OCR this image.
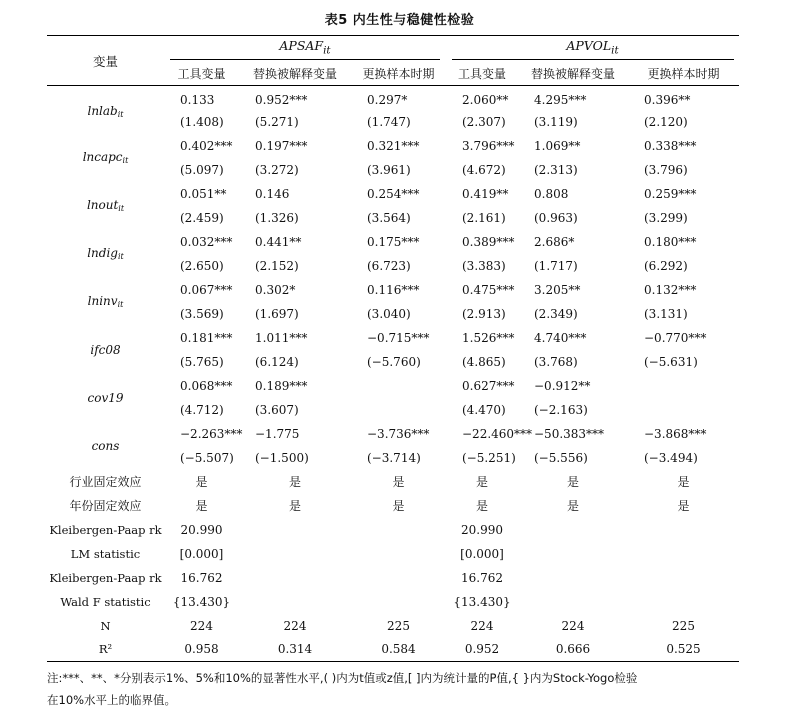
表5 内生性与稳健性检验
变量	$APSAF_{it}$			$APVOL_{it}$

	工具变量	替换被解释变量	更换样本时期	工具变量	替换被解释变量	更换样本时期
lnlab$_{it}$	0.133	0.952***	0.297*	2.060**	4.295***	0.396**
	(1.408)	(5.271)	(1.747)	(2.307)	(3.119)	(2.120)
lncapc$_{it}$	0.402***	0.197***	0.321***	3.796***	1.069**	0.338***
	(5.097)	(3.272)	(3.961)	(4.672)	(2.313)	(3.796)
lnout$_{it}$	0.051**	0.146	0.254***	0.419**	0.808	0.259***
	(2.459)	(1.326)	(3.564)	(2.161)	(0.963)	(3.299)
lndig$_{it}$	0.032***	0.441**	0.175***	0.389***	2.686*	0.180***
	(2.650)	(2.152)	(6.723)	(3.383)	(1.717)	(6.292)
lninv$_{it}$	0.067***	0.302*	0.116***	0.475***	3.205**	0.132***
	(3.569)	(1.697)	(3.040)	(2.913)	(2.349)	(3.131)
ifc08	0.181***	1.011***	−0.715***	1.526***	4.740***	−0.770***
	(5.765)	(6.124)	(−5.760)	(4.865)	(3.768)	(−5.631)
cov19	0.068***	0.189***		0.627***	−0.912**	
	(4.712)	(3.607)		(4.470)	(−2.163)	
cons	−2.263***	−1.775	−3.736***	−22.460***	−50.383***	−3.868***
	(−5.507)	(−1.500)	(−3.714)	(−5.251)	(−5.556)	(−3.494)
行业固定效应	是	是	是	是	是	是
年份固定效应	是	是	是	是	是	是
Kleibergen-Paap rk	20.990			20.990		
LM statistic	[0.000]			[0.000]		
Kleibergen-Paap rk	16.762			16.762		
Wald F statistic	{13.430}			{13.430}		
N	224	224	225	224	224	225
R²	0.958	0.314	0.584	0.952	0.666	0.525
注:***、**、*分别表示1%、5%和10%的显著性水平,( )内为t值或z值,[ ]内为统计量的P值,{ }内为Stock-Yogo检验
在10%水平上的临界值。
